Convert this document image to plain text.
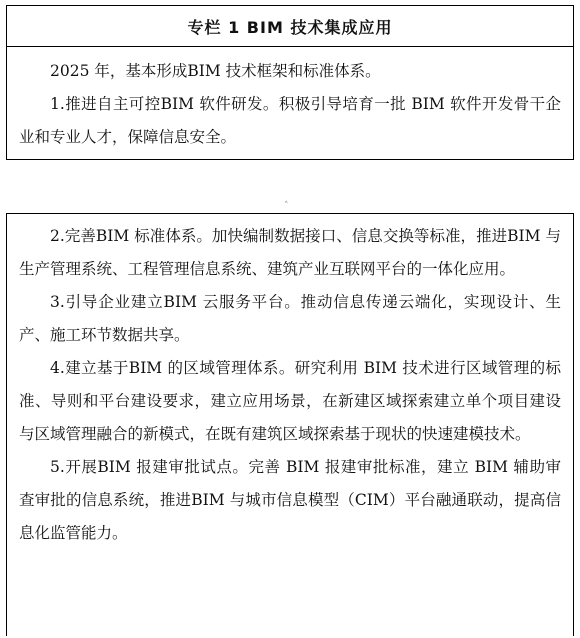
专栏 1 BIM 技术集成应用

2025 年，基本形成BIM 技术框架和标准体系。

1.推进自主可控BIM 软件研发。积极引导培育一批 BIM 软件开发骨干企业和专业人才，保障信息安全。

˄

2.完善BIM 标准体系。加快编制数据接口、信息交换等标准，推进BIM 与生产管理系统、工程管理信息系统、建筑产业互联网平台的一体化应用。

3.引导企业建立BIM 云服务平台。推动信息传递云端化，实现设计、生产、施工环节数据共享。

4.建立基于BIM 的区域管理体系。研究利用 BIM 技术进行区域管理的标准、导则和平台建设要求，建立应用场景，在新建区域探索建立单个项目建设与区域管理融合的新模式，在既有建筑区域探索基于现状的快速建模技术。

5.开展BIM 报建审批试点。完善 BIM 报建审批标准，建立 BIM 辅助审查审批的信息系统，推进BIM 与城市信息模型（CIM）平台融通联动，提高信息化监管能力。
